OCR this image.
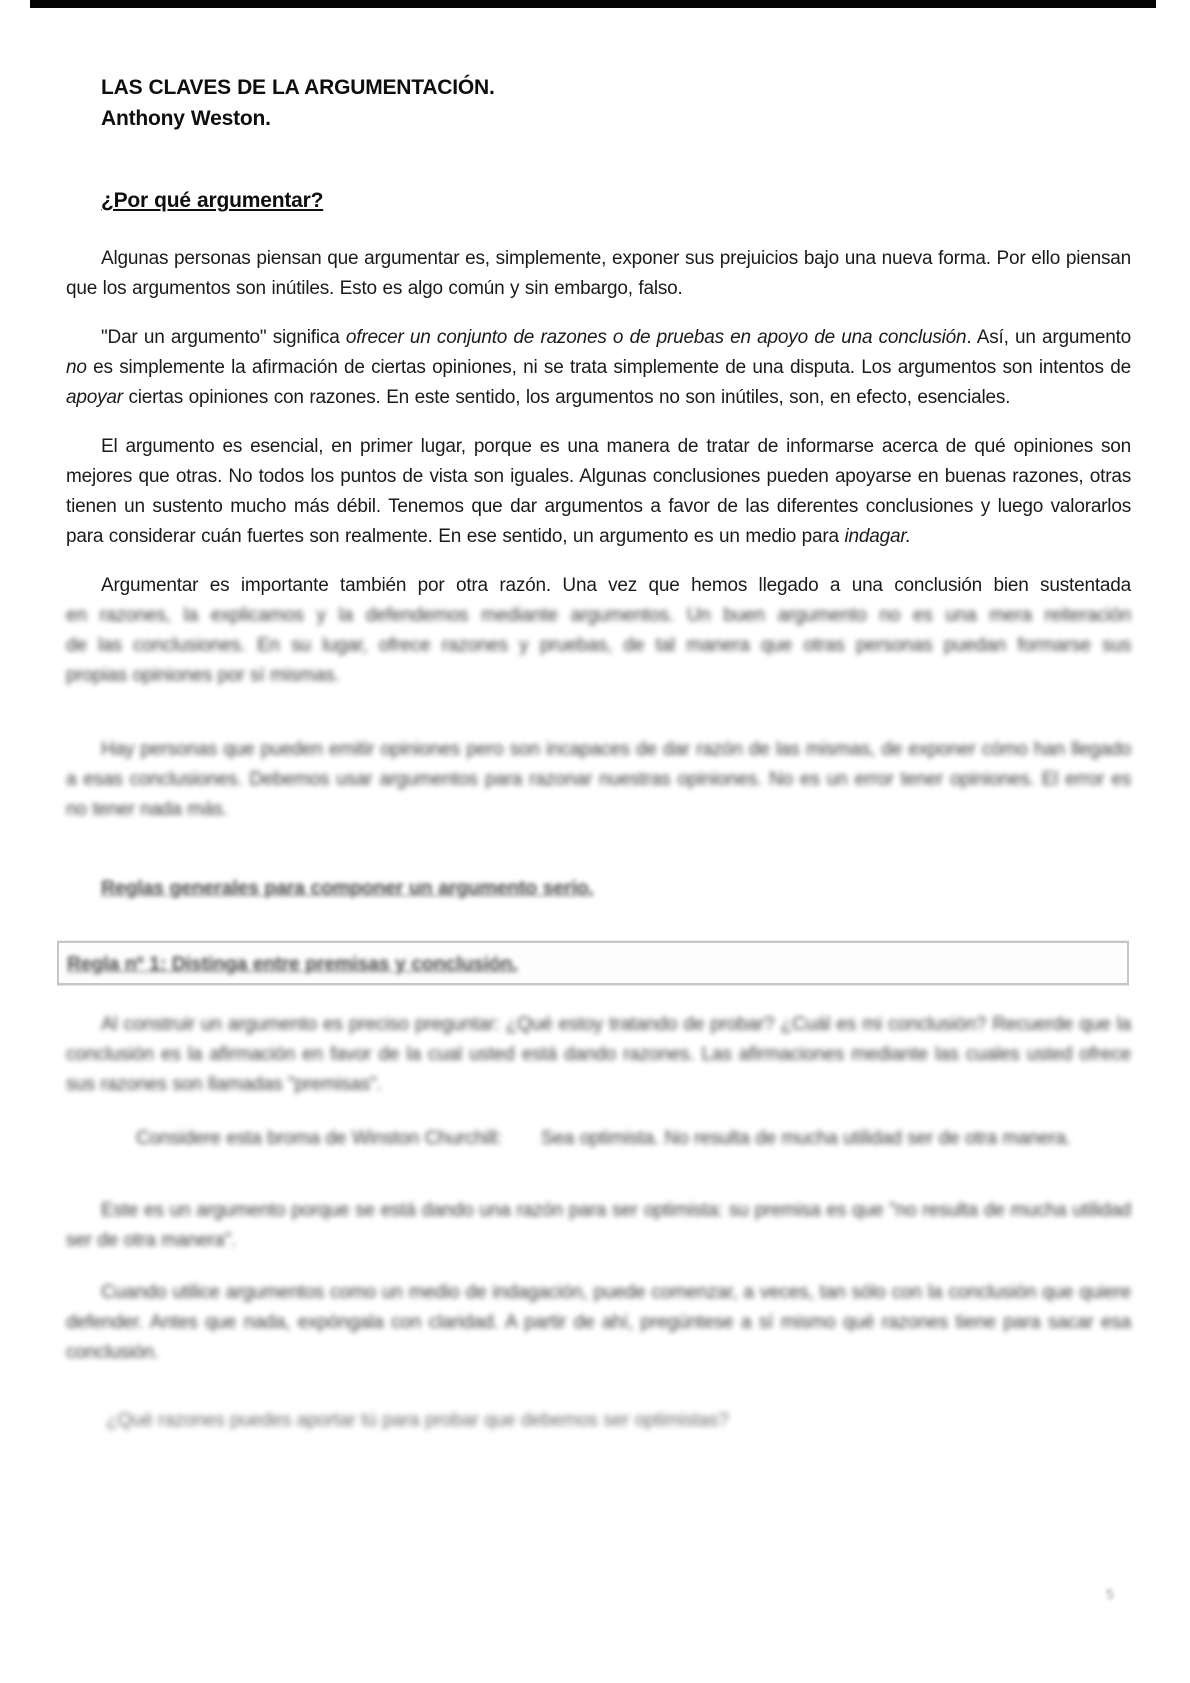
LAS CLAVES DE LA ARGUMENTACIÓN.
Anthony Weston.
¿Por qué argumentar?

Algunas personas piensan que argumentar es, simplemente, exponer sus prejuicios bajo una nueva forma. Por ello piensan que los argumentos son inútiles. Esto es algo común y sin embargo, falso.

"Dar un argumento" significa ofrecer un conjunto de razones o de pruebas en apoyo de una conclusión. Así, un argumento no es simplemente la afirmación de ciertas opiniones, ni se trata simplemente de una disputa. Los argumentos son intentos de apoyar ciertas opiniones con razones. En este sentido, los argumentos no son inútiles, son, en efecto, esenciales.

El argumento es esencial, en primer lugar, porque es una manera de tratar de informarse acerca de qué opiniones son mejores que otras. No todos los puntos de vista son iguales. Algunas conclusiones pueden apoyarse en buenas razones, otras tienen un sustento mucho más débil. Tenemos que dar argumentos a favor de las diferentes conclusiones y luego valorarlos para considerar cuán fuertes son realmente. En ese sentido, un argumento es un medio para indagar.

Argumentar es importante también por otra razón. Una vez que hemos llegado a una conclusión bien sustentada
en razones, la explicamos y la defendemos mediante argumentos. Un buen argumento no es una mera reiteración
de las conclusiones. En su lugar, ofrece razones y pruebas, de tal manera que otras personas puedan formarse sus
propias opiniones por sí mismas.

Hay personas que pueden emitir opiniones pero son incapaces de dar razón de las mismas, de exponer cómo han llegado a esas conclusiones. Debemos usar argumentos para razonar nuestras opiniones. No es un error tener opiniones. El error es no tener nada más.

Reglas generales para componer un argumento serio.
Regla nº 1: Distinga entre premisas y conclusión.

Al construir un argumento es preciso preguntar: ¿Qué estoy tratando de probar? ¿Cuál es mi conclusión? Recuerde que la conclusión es la afirmación en favor de la cual usted está dando razones. Las afirmaciones mediante las cuales usted ofrece sus razones son llamadas "premisas".

Considere esta broma de Winston Churchill:       Sea optimista. No resulta de mucha utilidad ser de otra manera.

Este es un argumento porque se está dando una razón para ser optimista: su premisa es que "no resulta de mucha utilidad ser de otra manera".

Cuando utilice argumentos como un medio de indagación, puede comenzar, a veces, tan sólo con la conclusión que quiere defender. Antes que nada, expóngala con claridad. A partir de ahí, pregúntese a sí mismo qué razones tiene para sacar esa conclusión.

¿Qué razones puedes aportar tú para probar que debemos ser optimistas?

5
